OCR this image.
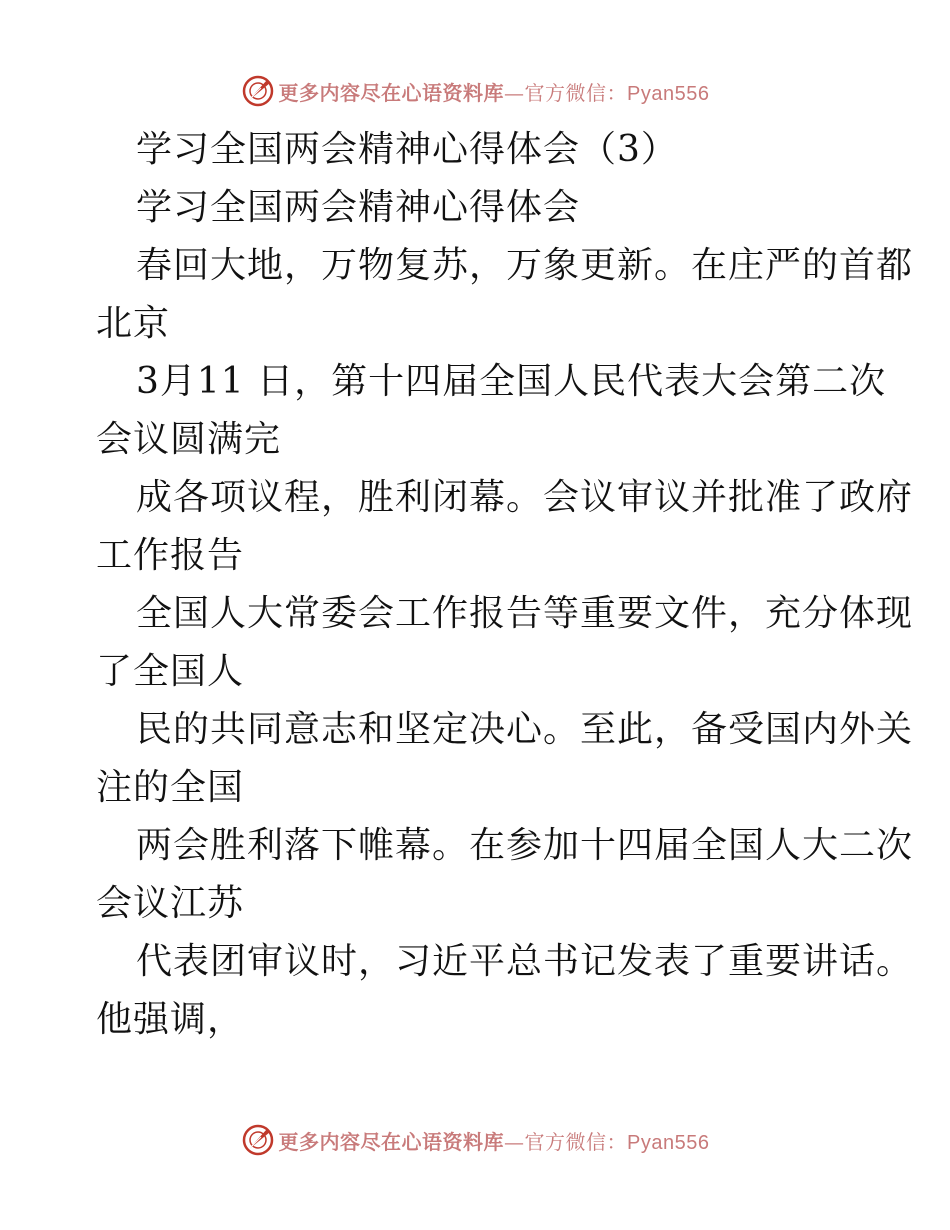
更多内容尽在心语资料库—官方微信：Pyan556
学习全国两会精神心得体会（3）
学习全国两会精神心得体会
春回大地，万物复苏，万象更新。在庄严的首都
北京
3月11 日，第十四届全国人民代表大会第二次
会议圆满完
成各项议程，胜利闭幕。会议审议并批准了政府
工作报告
全国人大常委会工作报告等重要文件，充分体现
了全国人
民的共同意志和坚定决心。至此，备受国内外关
注的全国
两会胜利落下帷幕。在参加十四届全国人大二次
会议江苏
代表团审议时，习近平总书记发表了重要讲话。
他强调，
更多内容尽在心语资料库—官方微信：Pyan556
